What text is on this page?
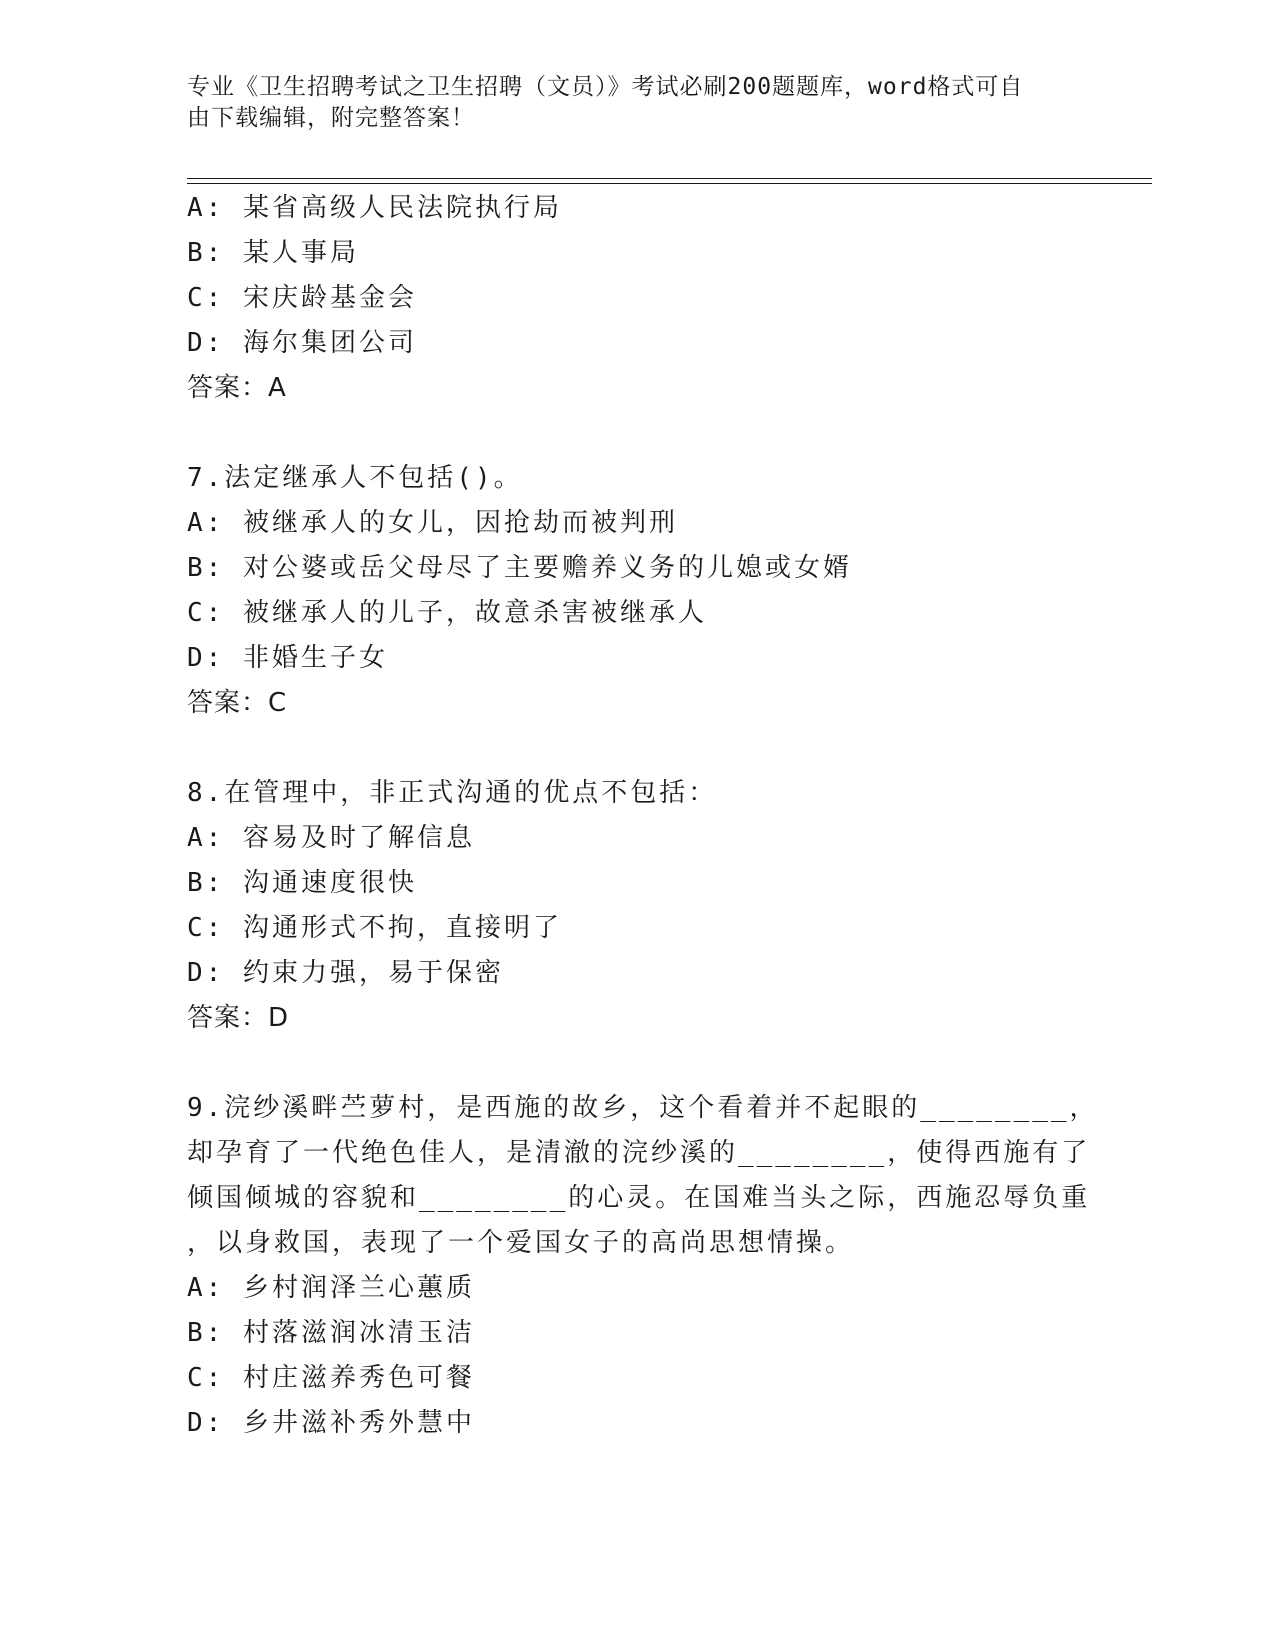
专业《卫生招聘考试之卫生招聘（文员）》考试必刷200题题库，word格式可自
由下载编辑，附完整答案！
A: 某省高级人民法院执行局
B: 某人事局
C: 宋庆龄基金会
D: 海尔集团公司
答案：A
7.法定继承人不包括()。
A: 被继承人的女儿，因抢劫而被判刑
B: 对公婆或岳父母尽了主要赡养义务的儿媳或女婿
C: 被继承人的儿子，故意杀害被继承人
D: 非婚生子女
答案：C
8.在管理中，非正式沟通的优点不包括：
A: 容易及时了解信息
B: 沟通速度很快
C: 沟通形式不拘，直接明了
D: 约束力强，易于保密
答案：D
9.浣纱溪畔苎萝村，是西施的故乡，这个看着并不起眼的________，
却孕育了一代绝色佳人，是清澈的浣纱溪的________，使得西施有了
倾国倾城的容貌和________的心灵。在国难当头之际，西施忍辱负重
，以身救国，表现了一个爱国女子的高尚思想情操。
A: 乡村润泽兰心蕙质
B: 村落滋润冰清玉洁
C: 村庄滋养秀色可餐
D: 乡井滋补秀外慧中
